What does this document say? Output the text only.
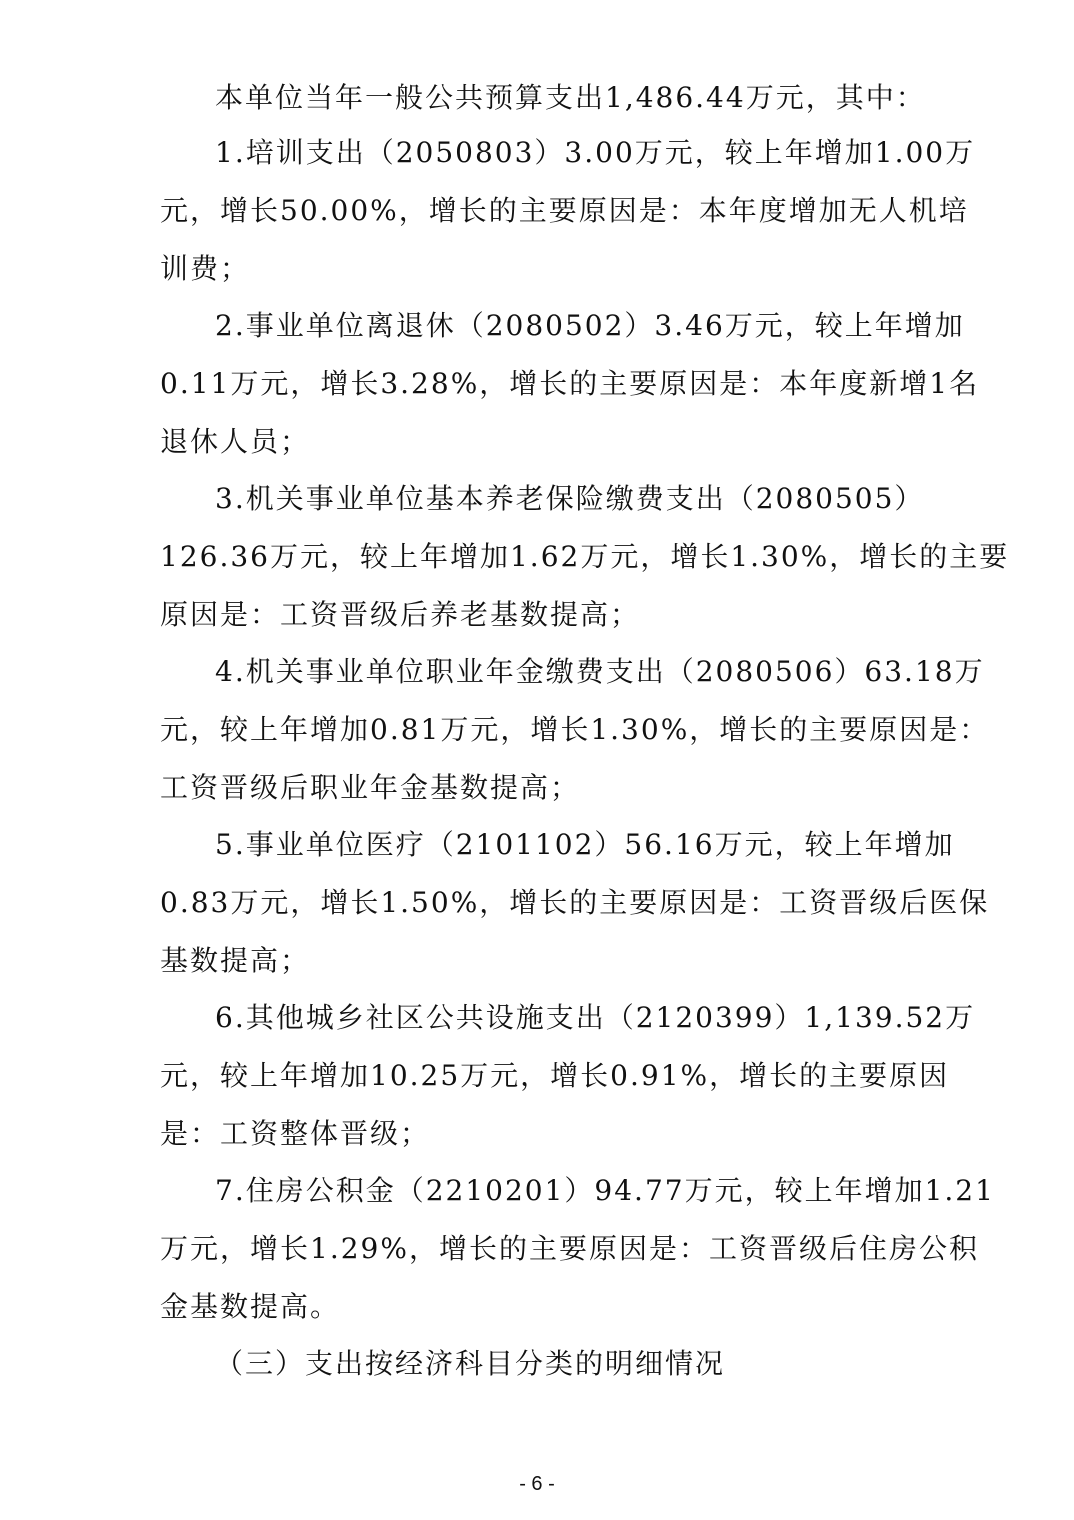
本单位当年一般公共预算支出1,486.44万元，其中：
1.培训支出（2050803）3.00万元，较上年增加1.00万
元，增长50.00%，增长的主要原因是：本年度增加无人机培
训费；
2.事业单位离退休（2080502）3.46万元，较上年增加
0.11万元，增长3.28%，增长的主要原因是：本年度新增1名
退休人员；
3.机关事业单位基本养老保险缴费支出（2080505）
126.36万元，较上年增加1.62万元，增长1.30%，增长的主要
原因是：工资晋级后养老基数提高；
4.机关事业单位职业年金缴费支出（2080506）63.18万
元，较上年增加0.81万元，增长1.30%，增长的主要原因是：
工资晋级后职业年金基数提高；
5.事业单位医疗（2101102）56.16万元，较上年增加
0.83万元，增长1.50%，增长的主要原因是：工资晋级后医保
基数提高；
6.其他城乡社区公共设施支出（2120399）1,139.52万
元，较上年增加10.25万元，增长0.91%，增长的主要原因
是：工资整体晋级；
7.住房公积金（2210201）94.77万元，较上年增加1.21
万元，增长1.29%，增长的主要原因是：工资晋级后住房公积
金基数提高。
（三）支出按经济科目分类的明细情况
- 6 -
